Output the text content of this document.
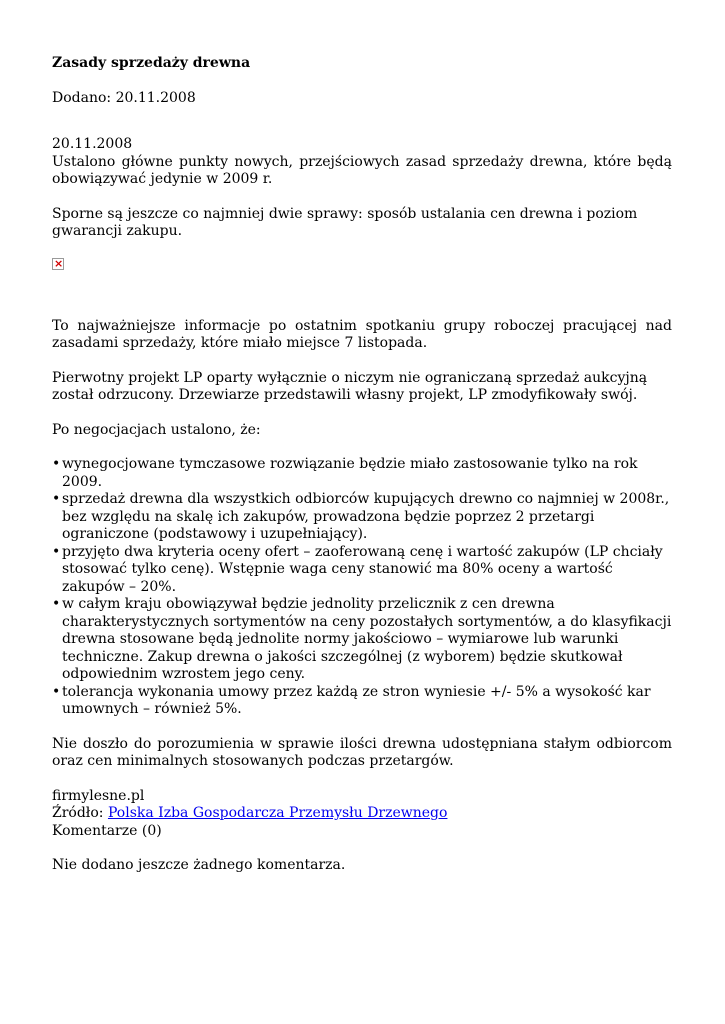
Zasady sprzedaży drewna

Dodano: 20.11.2008
20.11.2008
Ustalono główne punkty nowych, przejściowych zasad sprzedaży drewna, które będą obowiązywać jedynie w 2009 r.
Sporne są jeszcze co najmniej dwie sprawy: sposób ustalania cen drewna i poziom gwarancji zakupu.
×
To najważniejsze informacje po ostatnim spotkaniu grupy roboczej pracującej nad zasadami sprzedaży, które miało miejsce 7 listopada.
Pierwotny projekt LP oparty wyłącznie o niczym nie ograniczaną sprzedaż aukcyjną został odrzucony. Drzewiarze przedstawili własny projekt, LP zmodyfikowały swój.
Po negocjacjach ustalono, że:
• wynegocjowane tymczasowe rozwiązanie będzie miało zastosowanie tylko na rok 2009.
• sprzedaż drewna dla wszystkich odbiorców kupujących drewno co najmniej w 2008r., bez względu na skalę ich zakupów, prowadzona będzie poprzez 2 przetargi ograniczone (podstawowy i uzupełniający).
• przyjęto dwa kryteria oceny ofert – zaoferowaną cenę i wartość zakupów (LP chciały stosować tylko cenę). Wstępnie waga ceny stanowić ma 80% oceny a wartość zakupów – 20%.
• w całym kraju obowiązywał będzie jednolity przelicznik z cen drewna charakterystycznych sortymentów na ceny pozostałych sortymentów, a do klasyfikacji drewna stosowane będą jednolite normy jakościowo – wymiarowe lub warunki techniczne. Zakup drewna o jakości szczególnej (z wyborem) będzie skutkował odpowiednim wzrostem jego ceny.
• tolerancja wykonania umowy przez każdą ze stron wyniesie +/- 5% a wysokość kar umownych – również 5%.
Nie doszło do porozumienia w sprawie ilości drewna udostępniana stałym odbiorcom oraz cen minimalnych stosowanych podczas przetargów.
firmylesne.pl
Źródło: Polska Izba Gospodarcza Przemysłu Drzewnego
Komentarze (0)
Nie dodano jeszcze żadnego komentarza.
